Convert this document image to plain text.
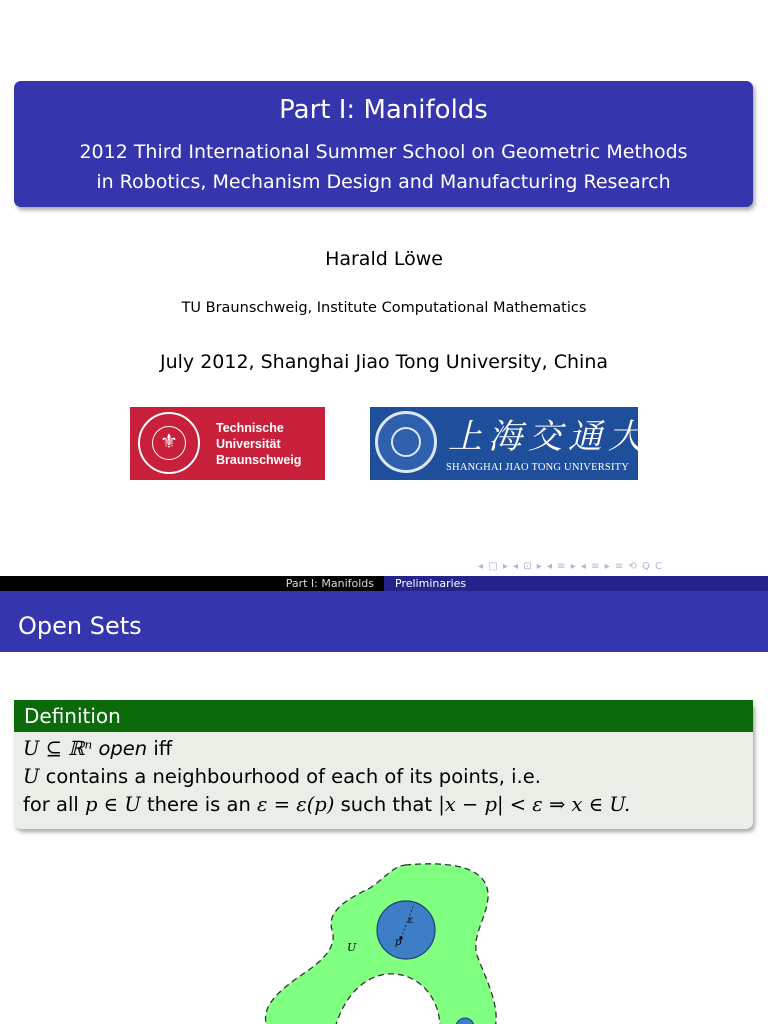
Part I: Manifolds
2012 Third International Summer School on Geometric Methods
in Robotics, Mechanism Design and Manufacturing Research
Harald Löwe
TU Braunschweig, Institute Computational Mathematics
July 2012, Shanghai Jiao Tong University, China
⚜
Technische
Universität
Braunschweig
上海交通大學
SHANGHAI JIAO TONG UNIVERSITY
◂ □ ▸ ◂ ⊡ ▸ ◂ ≡ ▸ ◂ ≡ ▸ ≡ ⟲ Q C
Part I: Manifolds	Preliminaries
Open Sets
Definition
U ⊆ ℝⁿ open iff
U contains a neighbourhood of each of its points, i.e.
for all p ∈ U there is an ε = ε(p) such that |x − p| < ε ⇒ x ∈ U.
U	p
ε
